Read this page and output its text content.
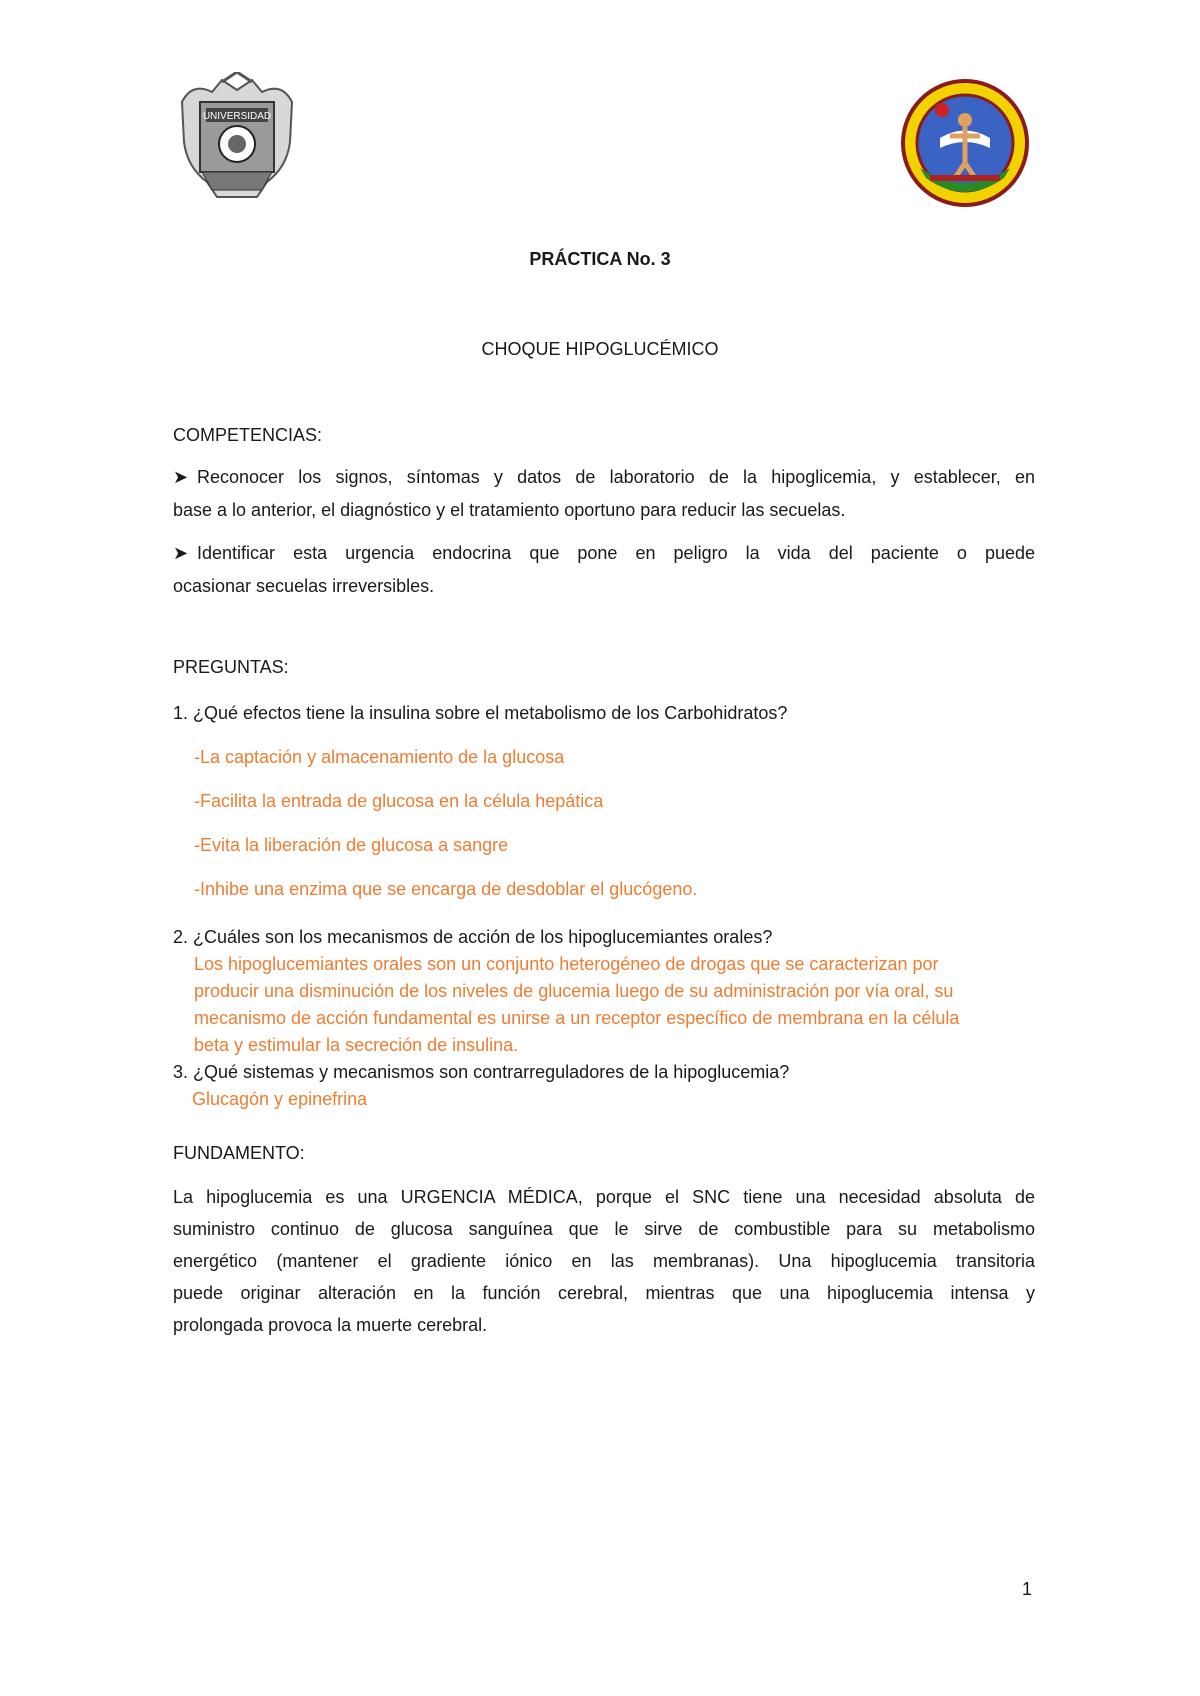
UNIVERSIDAD
PRÁCTICA No. 3
CHOQUE HIPOGLUCÉMICO
COMPETENCIAS:
➤ Reconocer los signos, síntomas y datos de laboratorio de la hipoglicemia, y establecer, en
base a lo anterior, el diagnóstico y el tratamiento oportuno para reducir las secuelas.
➤ Identificar esta urgencia endocrina que pone en peligro la vida del paciente o puede
ocasionar secuelas irreversibles.
PREGUNTAS:
1. ¿Qué efectos tiene la insulina sobre el metabolismo de los Carbohidratos?
-La captación y almacenamiento de la glucosa
-Facilita la entrada de glucosa en la célula hepática
-Evita la liberación de glucosa a sangre
-Inhibe una enzima que se encarga de desdoblar el glucógeno.
2. ¿Cuáles son los mecanismos de acción de los hipoglucemiantes orales?
Los hipoglucemiantes orales son un conjunto heterogéneo de drogas que se caracterizan por
producir una disminución de los niveles de glucemia luego de su administración por vía oral, su
mecanismo de acción fundamental es unirse a un receptor específico de membrana en la célula
beta y estimular la secreción de insulina.
3. ¿Qué sistemas y mecanismos son contrarreguladores de la hipoglucemia?
Glucagón y epinefrina
FUNDAMENTO:
La hipoglucemia es una URGENCIA MÉDICA, porque el SNC tiene una necesidad absoluta de
suministro continuo de glucosa sanguínea que le sirve de combustible para su metabolismo
energético (mantener el gradiente iónico en las membranas). Una hipoglucemia transitoria
puede originar alteración en la función cerebral, mientras que una hipoglucemia intensa y
prolongada provoca la muerte cerebral.
1
